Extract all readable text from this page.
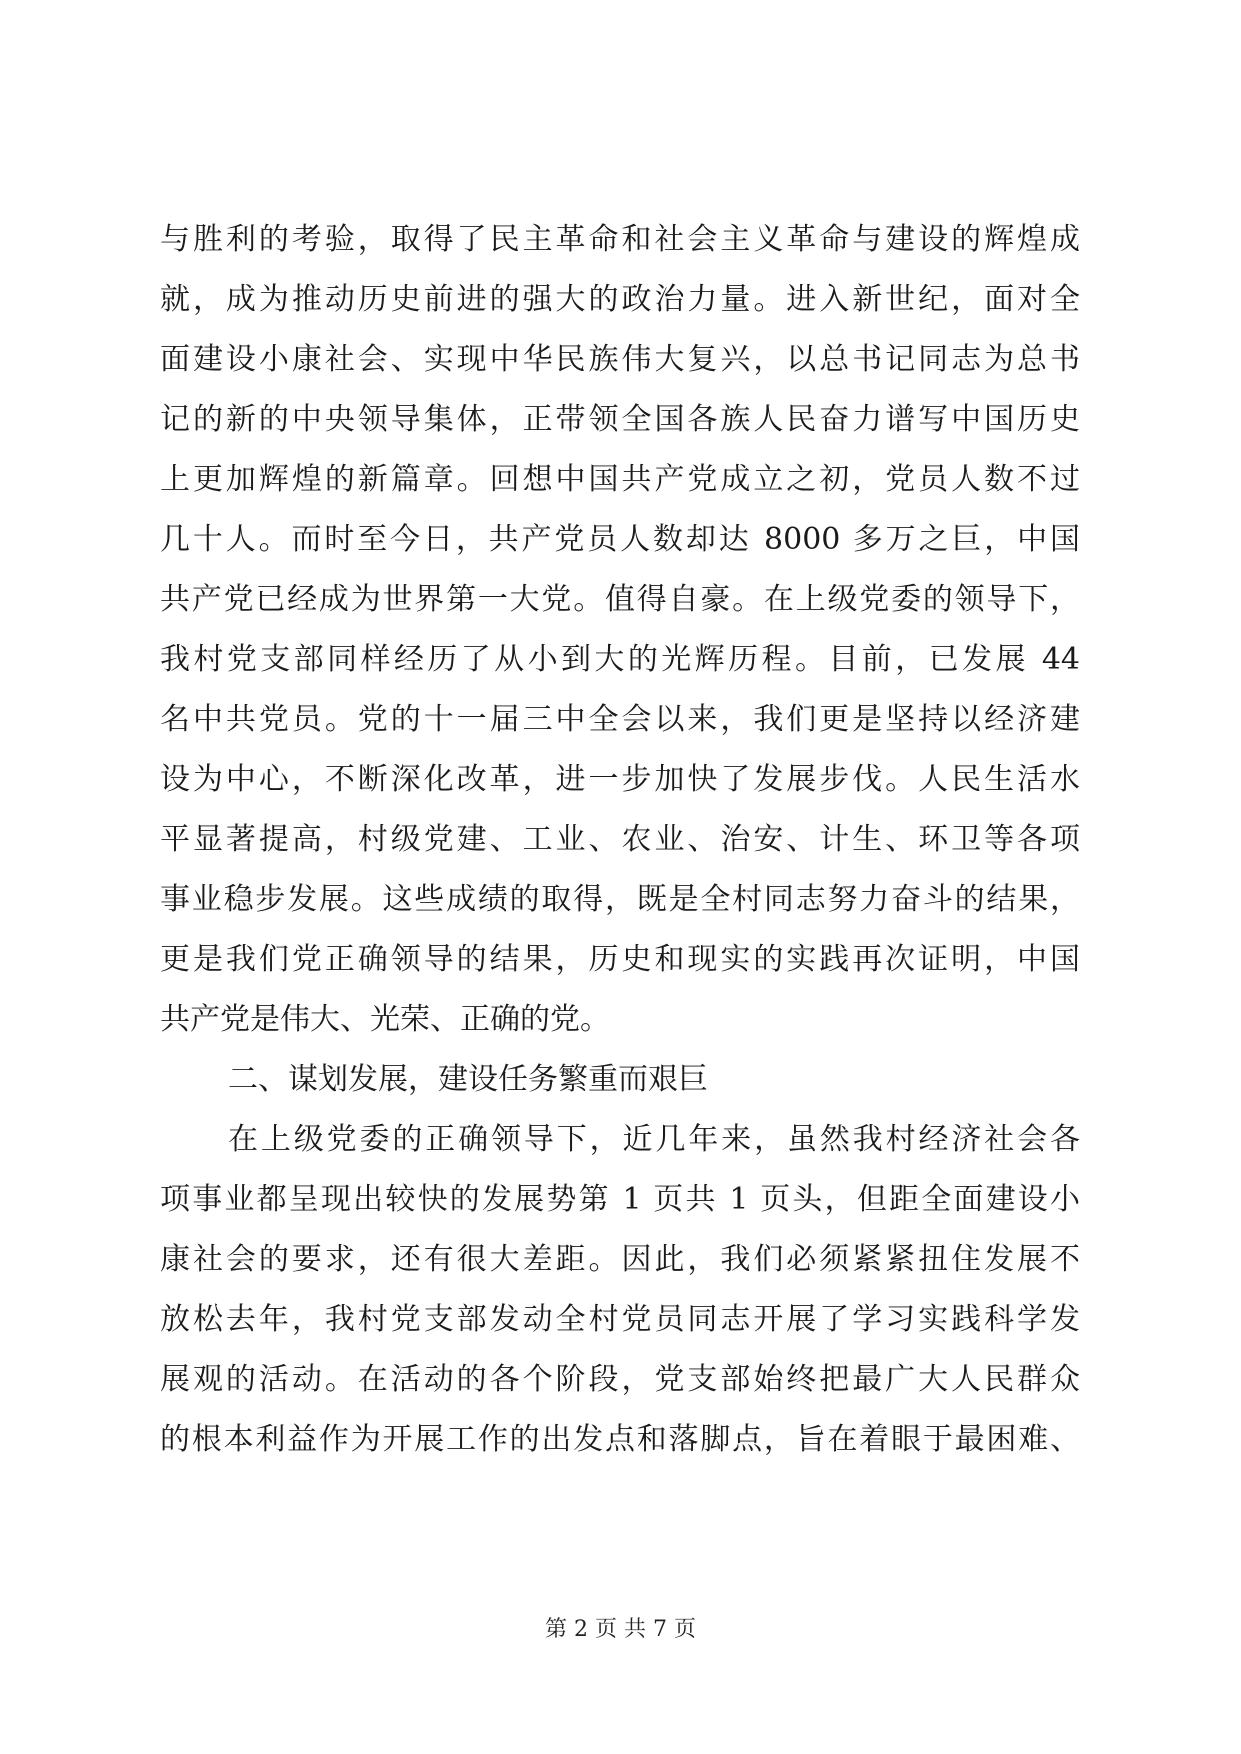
与胜利的考验，取得了民主革命和社会主义革命与建设的辉煌成
就，成为推动历史前进的强大的政治力量。进入新世纪，面对全
面建设小康社会、实现中华民族伟大复兴，以总书记同志为总书
记的新的中央领导集体，正带领全国各族人民奋力谱写中国历史
上更加辉煌的新篇章。回想中国共产党成立之初，党员人数不过
几十人。而时至今日，共产党员人数却达 8000 多万之巨，中国
共产党已经成为世界第一大党。值得自豪。在上级党委的领导下，
我村党支部同样经历了从小到大的光辉历程。目前，已发展 44
名中共党员。党的十一届三中全会以来，我们更是坚持以经济建
设为中心，不断深化改革，进一步加快了发展步伐。人民生活水
平显著提高，村级党建、工业、农业、治安、计生、环卫等各项
事业稳步发展。这些成绩的取得，既是全村同志努力奋斗的结果，
更是我们党正确领导的结果，历史和现实的实践再次证明，中国
共产党是伟大、光荣、正确的党。
二、谋划发展，建设任务繁重而艰巨
在上级党委的正确领导下，近几年来，虽然我村经济社会各
项事业都呈现出较快的发展势第 1 页共 1 页头，但距全面建设小
康社会的要求，还有很大差距。因此，我们必须紧紧扭住发展不
放松去年，我村党支部发动全村党员同志开展了学习实践科学发
展观的活动。在活动的各个阶段，党支部始终把最广大人民群众
的根本利益作为开展工作的出发点和落脚点，旨在着眼于最困难、
第 2 页 共 7 页
